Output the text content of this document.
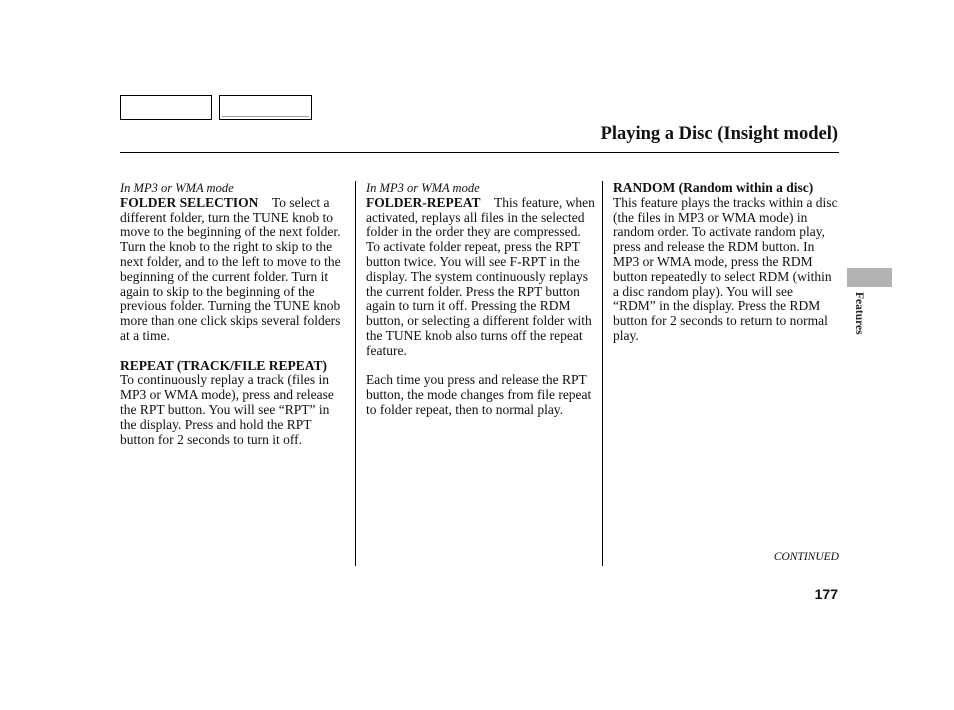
Playing a Disc (Insight model)
In MP3 or WMA mode

FOLDER SELECTION  To select a different folder, turn the TUNE knob to move to the beginning of the next folder. Turn the knob to the right to skip to the next folder, and to the left to move to the beginning of the current folder. Turn it again to skip to the beginning of the previous folder. Turning the TUNE knob more than one click skips several folders at a time.

REPEAT (TRACK/FILE REPEAT) To continuously replay a track (files in MP3 or WMA mode), press and release the RPT button. You will see “RPT” in the display. Press and hold the RPT button for 2 seconds to turn it off.

In MP3 or WMA mode

FOLDER-REPEAT  This feature, when activated, replays all files in the selected folder in the order they are compressed. To activate folder repeat, press the RPT button twice. You will see F-RPT in the display. The system continuously replays the current folder. Press the RPT button again to turn it off. Pressing the RDM button, or selecting a different folder with the TUNE knob also turns off the repeat feature.

Each time you press and release the RPT button, the mode changes from file repeat to folder repeat, then to normal play.

RANDOM (Random within a disc) This feature plays the tracks within a disc (the files in MP3 or WMA mode) in random order. To activate random play, press and release the RDM button. In MP3 or WMA mode, press the RDM button repeatedly to select RDM (within a disc random play). You will see “RDM” in the display. Press the RDM button for 2 seconds to return to normal play.

Features
CONTINUED
177
